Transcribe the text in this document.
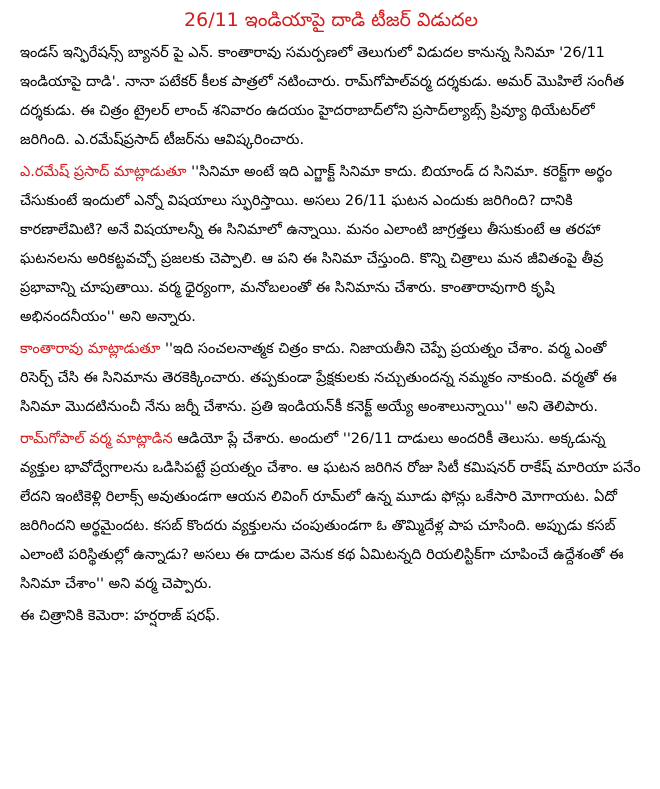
26/11 ఇండియాపై దాడి టీజర్ విడుదల

ఇండస్ ఇన్ఫిరేషన్స్ బ్యానర్ పై ఎన్. కాంతారావు సమర్పణలో తెలుగులో విడుదల కానున్న సినిమా '26/11 ఇండియాపై దాడి'. నానా పటేకర్ కీలక పాత్రలో నటించారు. రామ్‌గోపాల్‌వర్మ దర్శకుడు. అమర్ మొహిలే సంగీత దర్శకుడు. ఈ చిత్రం ట్రైలర్ లాంచ్ శనివారం ఉదయం హైదరాబాద్‌లోని ప్రసాద్‌ల్యాబ్స్ ప్రివ్యూ థియేటర్‌లో జరిగింది. ఎ.రమేష్‌ప్రసాద్ టీజర్‌ను ఆవిష్కరించారు.

ఎ.రమేష్ ప్రసాద్ మాట్లాడుతూ ''సినిమా అంటే ఇది ఎగ్జాక్ట్ సినిమా కాదు. బియాండ్ ద సినిమా. కరెక్ట్‌గా అర్థం చేసుకుంటే ఇందులో ఎన్నో విషయాలు స్ఫురిస్తాయి. అసలు 26/11 ఘటన ఎందుకు జరిగింది? దానికి కారణాలేమిటి? అనే విషయాలన్నీ ఈ సినిమాలో ఉన్నాయి. మనం ఎలాంటి జాగ్రత్తలు తీసుకుంటే ఆ తరహా ఘటనలను అరికట్టవచ్చో ప్రజలకు చెప్పాలి. ఆ పని ఈ సినిమా చేస్తుంది. కొన్ని చిత్రాలు మన జీవితంపై తీవ్ర ప్రభావాన్ని చూపుతాయి. వర్మ ధైర్యంగా, మనోబలంతో ఈ సినిమాను చేశారు. కాంతారావుగారి కృషి అభినందనీయం'' అని అన్నారు.

కాంతారావు మాట్లాడుతూ ''ఇది సంచలనాత్మక చిత్రం కాదు. నిజాయతీని చెప్పే ప్రయత్నం చేశాం. వర్మ ఎంతో రిసెర్చ్ చేసి ఈ సినిమాను తెరకెక్కించారు. తప్పకుండా ప్రేక్షకులకు నచ్చుతుందన్న నమ్మకం నాకుంది. వర్మతో ఈ సినిమా మొదటినుంచీ నేను జర్నీ చేశాను. ప్రతి ఇండియన్‌కీ కనెక్ట్ అయ్యే అంశాలున్నాయి'' అని తెలిపారు.

రామ్‌గోపాల్ వర్మ మాట్లాడిన ఆడియో ప్లే చేశారు. అందులో ''26/11 దాడులు అందరికీ తెలుసు. అక్కడున్న వ్యక్తుల భావోద్వేగాలను ఒడిసిపట్టే ప్రయత్నం చేశాం. ఆ ఘటన జరిగిన రోజు సిటీ కమిషనర్ రాకేష్ మారియా పనేం లేదని ఇంటికెళ్లి రిలాక్స్ అవుతుండగా ఆయన లివింగ్ రూమ్‌లో ఉన్న మూడు ఫోన్లు ఒకేసారి మోగాయట. ఏదో జరిగిందని అర్థమైందట. కసబ్ కొందరు వ్యక్తులను చంపుతుండగా ఓ తొమ్మిదేళ్ల పాప చూసింది. అప్పుడు కసబ్ ఎలాంటి పరిస్థితుల్లో ఉన్నాడు? అసలు ఈ దాడుల వెనుక కథ ఏమిటన్నది రియలిస్టిక్‌గా చూపించే ఉద్దేశంతో ఈ సినిమా చేశాం'' అని వర్మ చెప్పారు.

ఈ చిత్రానికి కెమెరా: హర్షరాజ్ షరఫ్.
